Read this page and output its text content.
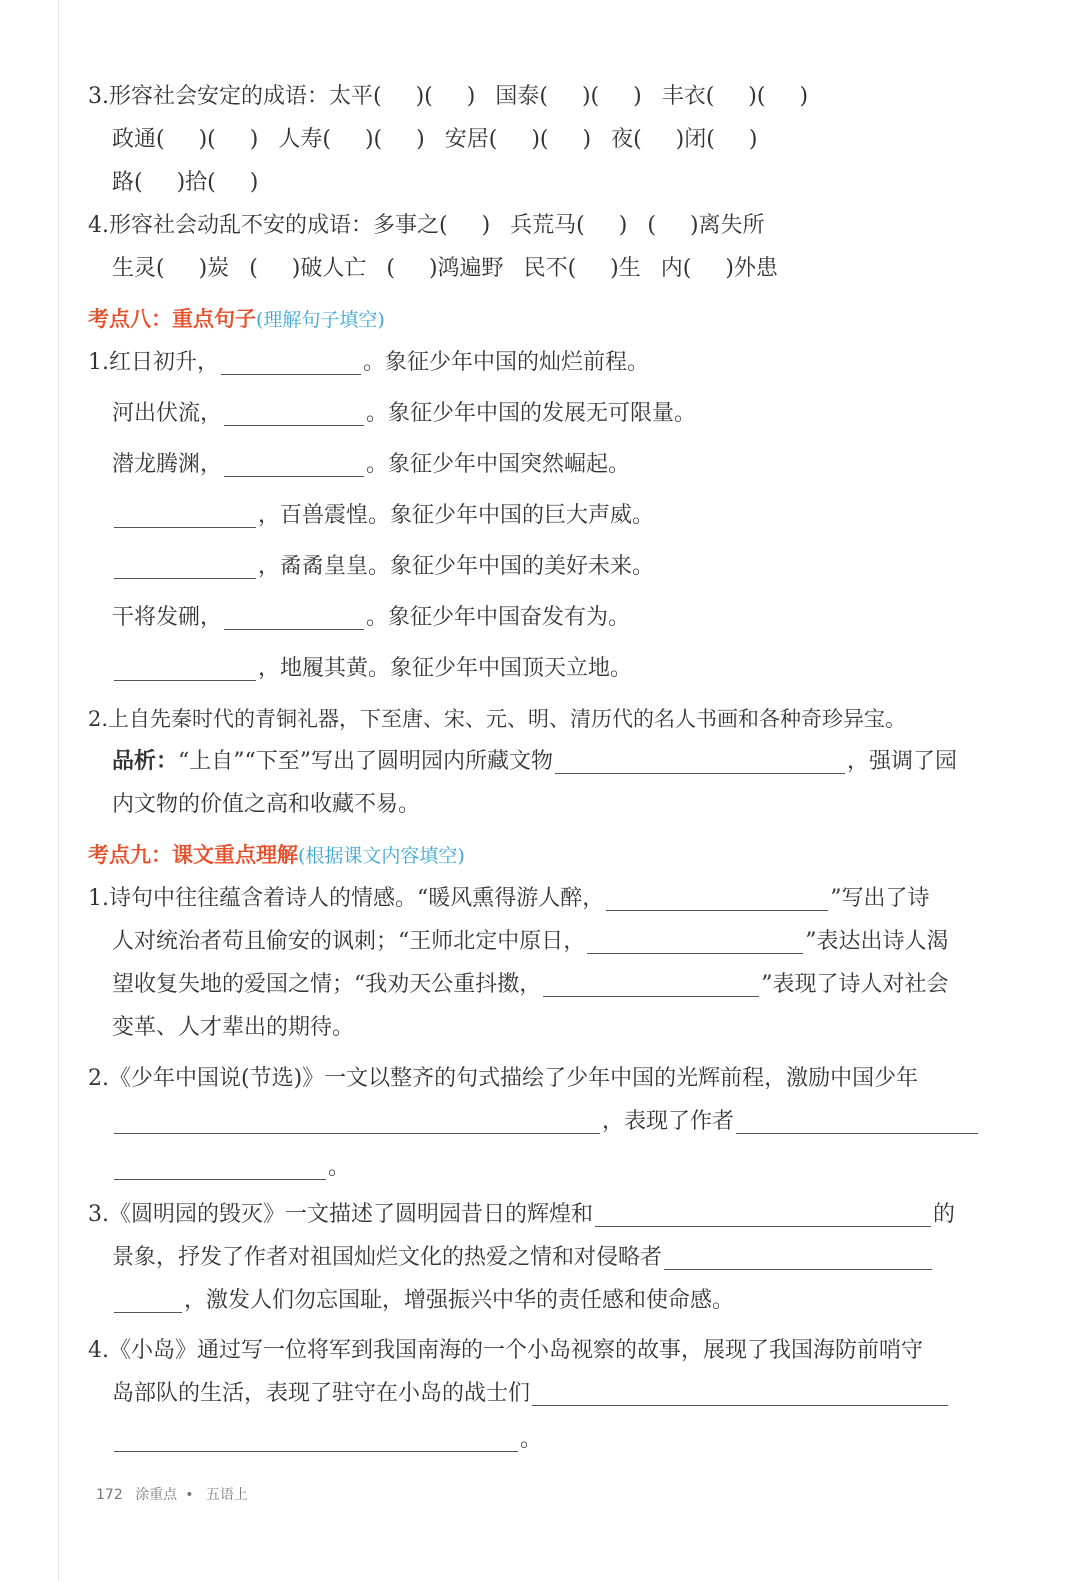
3.形容社会安定的成语：太平( )( ) 国泰( )( ) 丰衣( )( )
政通( )( ) 人寿( )( ) 安居( )( ) 夜( )闭( )
路( )拾( )
4.形容社会动乱不安的成语：多事之( ) 兵荒马( ) ( )离失所
生灵( )炭 ( )破人亡 ( )鸿遍野 民不( )生 内( )外患
考点八：重点句子(理解句子填空)
1.红日初升，	。象征少年中国的灿烂前程。
河出伏流，	。象征少年中国的发展无可限量。
潜龙腾渊，	。象征少年中国突然崛起。
，百兽震惶。象征少年中国的巨大声威。
，矞矞皇皇。象征少年中国的美好未来。
干将发硎，	。象征少年中国奋发有为。
，地履其黄。象征少年中国顶天立地。
2.上自先秦时代的青铜礼器，下至唐、宋、元、明、清历代的名人书画和各种奇珍异宝。
品析：“上自”“下至”写出了圆明园内所藏文物	，强调了园
内文物的价值之高和收藏不易。
考点九：课文重点理解(根据课文内容填空)
1.诗句中往往蕴含着诗人的情感。“暖风熏得游人醉，	”写出了诗
人对统治者苟且偷安的讽刺；“王师北定中原日，	”表达出诗人渴
望收复失地的爱国之情；“我劝天公重抖擞，	”表现了诗人对社会
变革、人才辈出的期待。
2.《少年中国说(节选)》一文以整齐的句式描绘了少年中国的光辉前程，激励中国少年
，表现了作者
。
3.《圆明园的毁灭》一文描述了圆明园昔日的辉煌和	的
景象，抒发了作者对祖国灿烂文化的热爱之情和对侵略者
，激发人们勿忘国耻，增强振兴中华的责任感和使命感。
4.《小岛》通过写一位将军到我国南海的一个小岛视察的故事，展现了我国海防前哨守
岛部队的生活，表现了驻守在小岛的战士们
。
172 涂重点 • 五语上
